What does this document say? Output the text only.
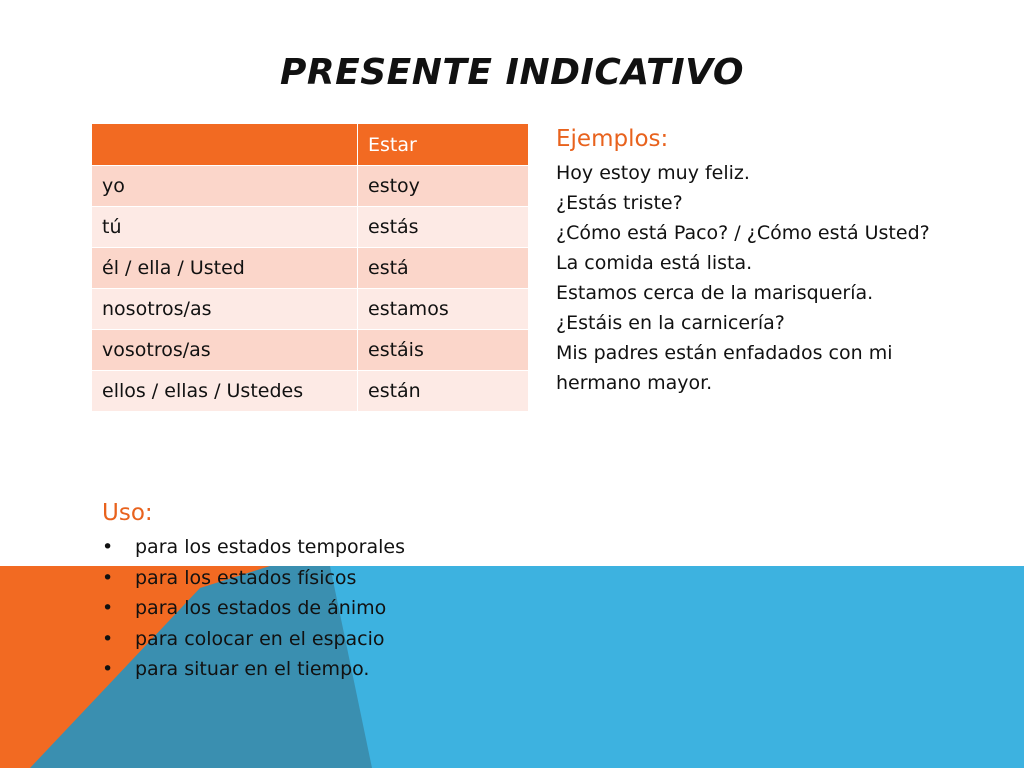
PRESENTE INDICATIVO
	Estar
yo	estoy
tú	estás
él / ella / Usted	está
nosotros/as	estamos
vosotros/as	estáis
ellos / ellas / Ustedes	están
Ejemplos:
Hoy estoy muy feliz.
¿Estás triste?
¿Cómo está Paco? / ¿Cómo está Usted?
La comida está lista.
Estamos cerca de la marisquería.
¿Estáis en la carnicería?
Mis padres están enfadados con mi
hermano mayor.
Uso:
• para los estados temporales
• para los estados físicos
• para los estados de ánimo
• para colocar en el espacio
• para situar en el tiempo.
